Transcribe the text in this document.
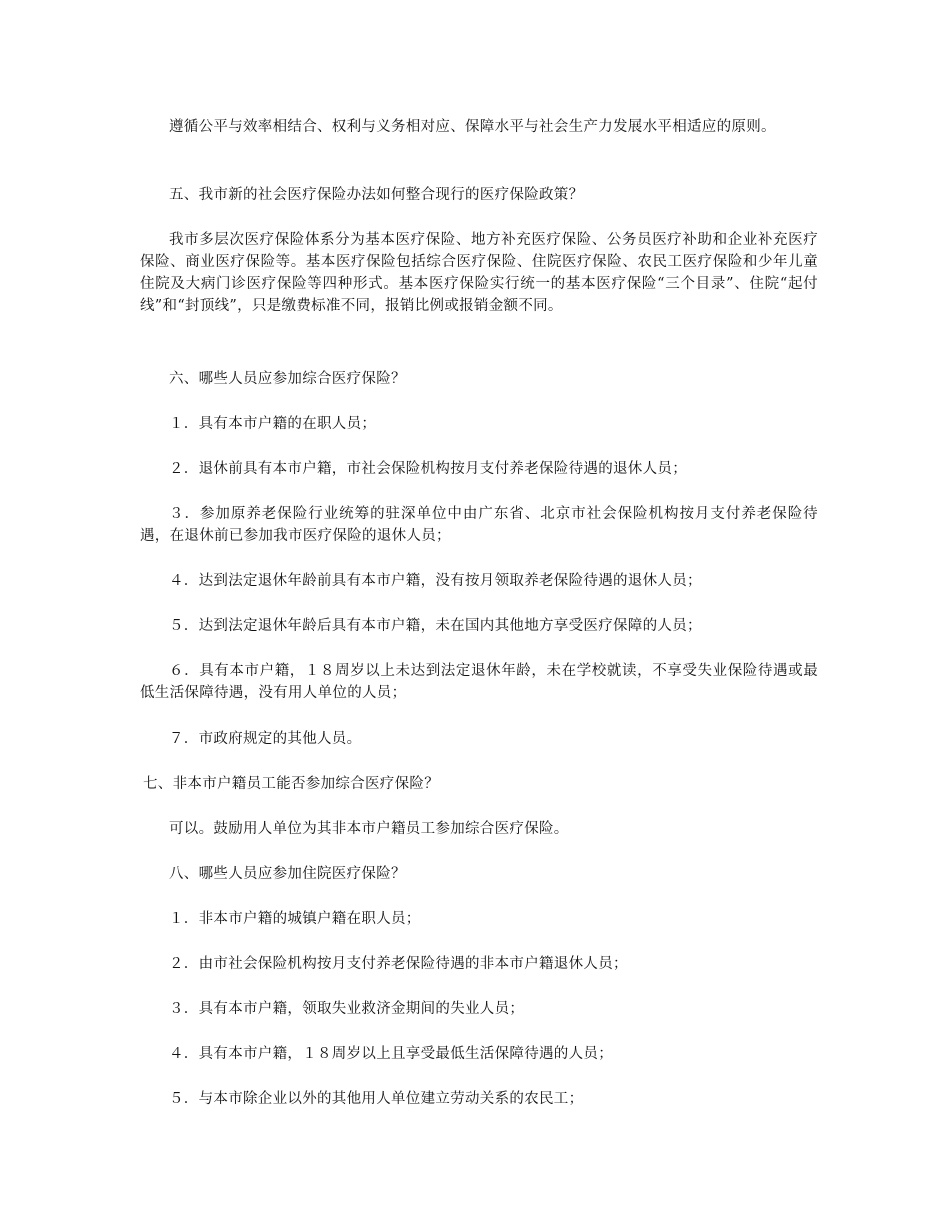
遵循公平与效率相结合、权利与义务相对应、保障水平与社会生产力发展水平相适应的原则。

五、我市新的社会医疗保险办法如何整合现行的医疗保险政策？

我市多层次医疗保险体系分为基本医疗保险、地方补充医疗保险、公务员医疗补助和企业补充医疗保险、商业医疗保险等。基本医疗保险包括综合医疗保险、住院医疗保险、农民工医疗保险和少年儿童住院及大病门诊医疗保险等四种形式。基本医疗保险实行统一的基本医疗保险“三个目录”、住院“起付线”和“封顶线”，只是缴费标准不同，报销比例或报销金额不同。

六、哪些人员应参加综合医疗保险？

１．具有本市户籍的在职人员；

２．退休前具有本市户籍，市社会保险机构按月支付养老保险待遇的退休人员；

３．参加原养老保险行业统筹的驻深单位中由广东省、北京市社会保险机构按月支付养老保险待遇，在退休前已参加我市医疗保险的退休人员；

４．达到法定退休年龄前具有本市户籍，没有按月领取养老保险待遇的退休人员；

５．达到法定退休年龄后具有本市户籍，未在国内其他地方享受医疗保障的人员；

６．具有本市户籍，１８周岁以上未达到法定退休年龄，未在学校就读，不享受失业保险待遇或最低生活保障待遇，没有用人单位的人员；

７．市政府规定的其他人员。

七、非本市户籍员工能否参加综合医疗保险？

可以。鼓励用人单位为其非本市户籍员工参加综合医疗保险。

八、哪些人员应参加住院医疗保险？

１．非本市户籍的城镇户籍在职人员；

２．由市社会保险机构按月支付养老保险待遇的非本市户籍退休人员；

３．具有本市户籍，领取失业救济金期间的失业人员；

４．具有本市户籍，１８周岁以上且享受最低生活保障待遇的人员；

５．与本市除企业以外的其他用人单位建立劳动关系的农民工；
